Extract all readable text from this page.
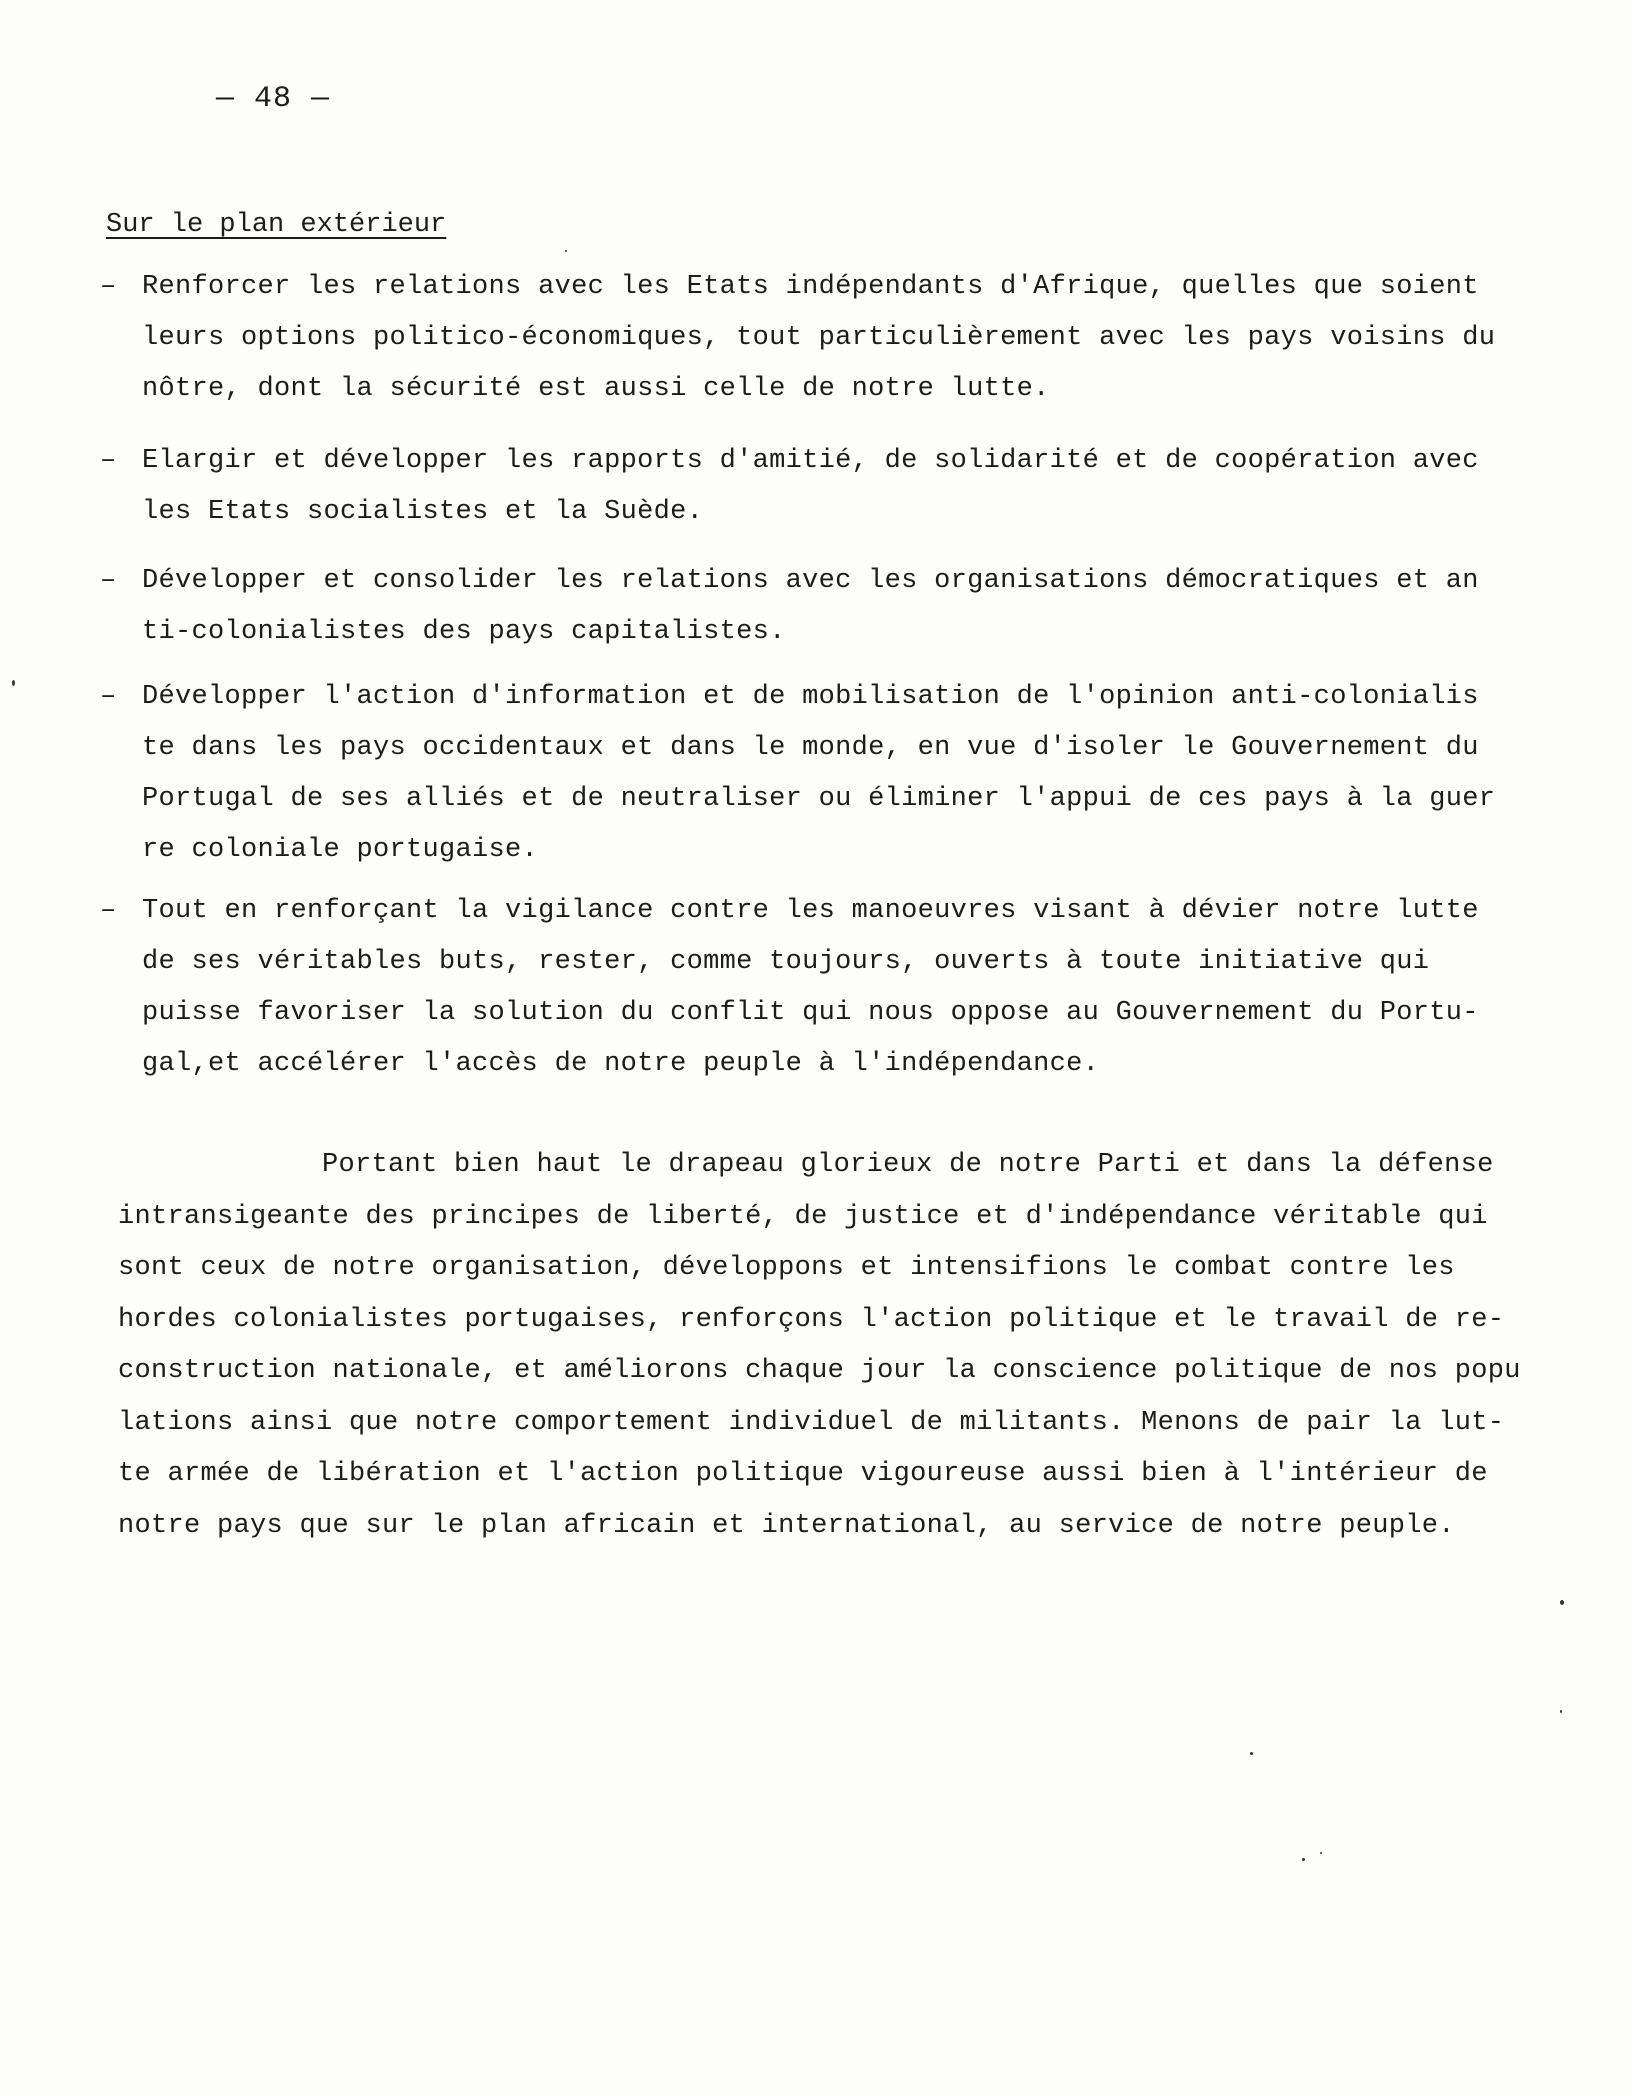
— 48 —
Sur le plan extérieur
– Renforcer les relations avec les Etats indépendants d'Afrique, quelles que soient
leurs options politico-économiques, tout particulièrement avec les pays voisins du
nôtre, dont la sécurité est aussi celle de notre lutte.
– Elargir et développer les rapports d'amitié, de solidarité et de coopération avec
les Etats socialistes et la Suède.
– Développer et consolider les relations avec les organisations démocratiques et an
ti-colonialistes des pays capitalistes.
– Développer l'action d'information et de mobilisation de l'opinion anti-colonialis
te dans les pays occidentaux et dans le monde, en vue d'isoler le Gouvernement du
Portugal de ses alliés et de neutraliser ou éliminer l'appui de ces pays à la guer
re coloniale portugaise.
– Tout en renforçant la vigilance contre les manoeuvres visant à dévier notre lutte
de ses véritables buts, rester, comme toujours, ouverts à toute initiative qui
puisse favoriser la solution du conflit qui nous oppose au Gouvernement du Portu-
gal,et accélérer l'accès de notre peuple à l'indépendance.
Portant bien haut le drapeau glorieux de notre Parti et dans la défense
intransigeante des principes de liberté, de justice et d'indépendance véritable qui
sont ceux de notre organisation, développons et intensifions le combat contre les
hordes colonialistes portugaises, renforçons l'action politique et le travail de re-
construction nationale, et améliorons chaque jour la conscience politique de nos popu
lations ainsi que notre comportement individuel de militants. Menons de pair la lut-
te armée de libération et l'action politique vigoureuse aussi bien à l'intérieur de
notre pays que sur le plan africain et international, au service de notre peuple.
